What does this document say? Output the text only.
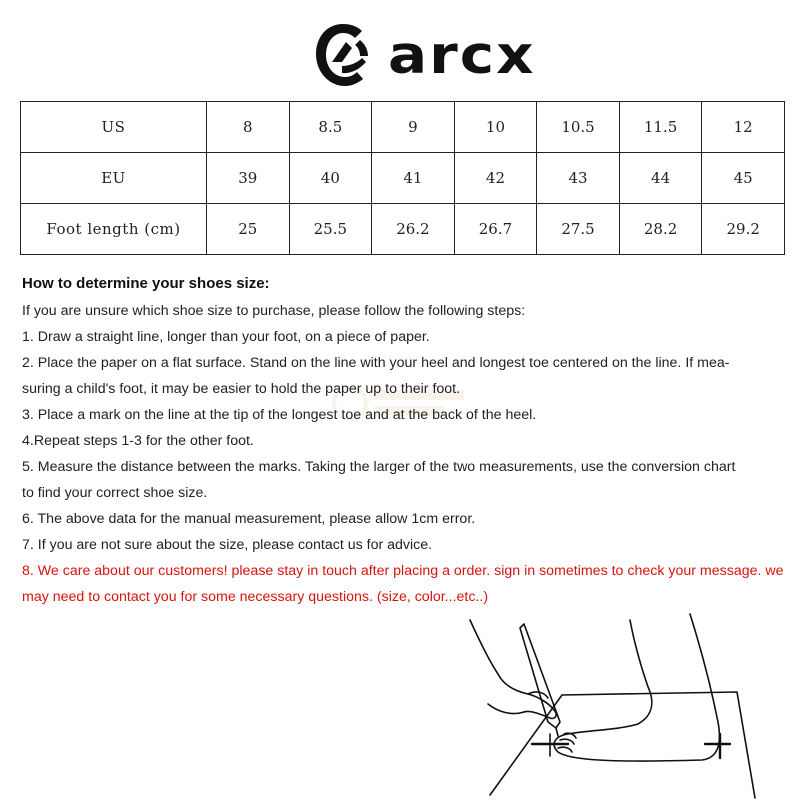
arcx
US	8	8.5	9	10	10.5	11.5	12
EU	39	40	41	42	43	44	45
Foot length (cm)	25	25.5	26.2	26.7	27.5	28.2	29.2
How to determine your shoes size:
If you are unsure which shoe size to purchase, please follow the following steps:
1. Draw a straight line, longer than your foot, on a piece of paper.
2. Place the paper on a flat surface. Stand on the line with your heel and longest toe centered on the line. If mea-
suring a child's foot, it may be easier to hold the paper up to their foot.
3. Place a mark on the line at the tip of the longest toe and at the back of the heel.
4.Repeat steps 1-3 for the other foot.
5. Measure the distance between the marks. Taking the larger of the two measurements, use the conversion chart
to find your correct shoe size.
6. The above data for the manual measurement, please allow 1cm error.
7. If you are not sure about the size, please contact us for advice.
8. We care about our customers! please stay in touch after placing a order. sign in sometimes to check your message. we
may need to contact you for some necessary questions. (size, color...etc..)
